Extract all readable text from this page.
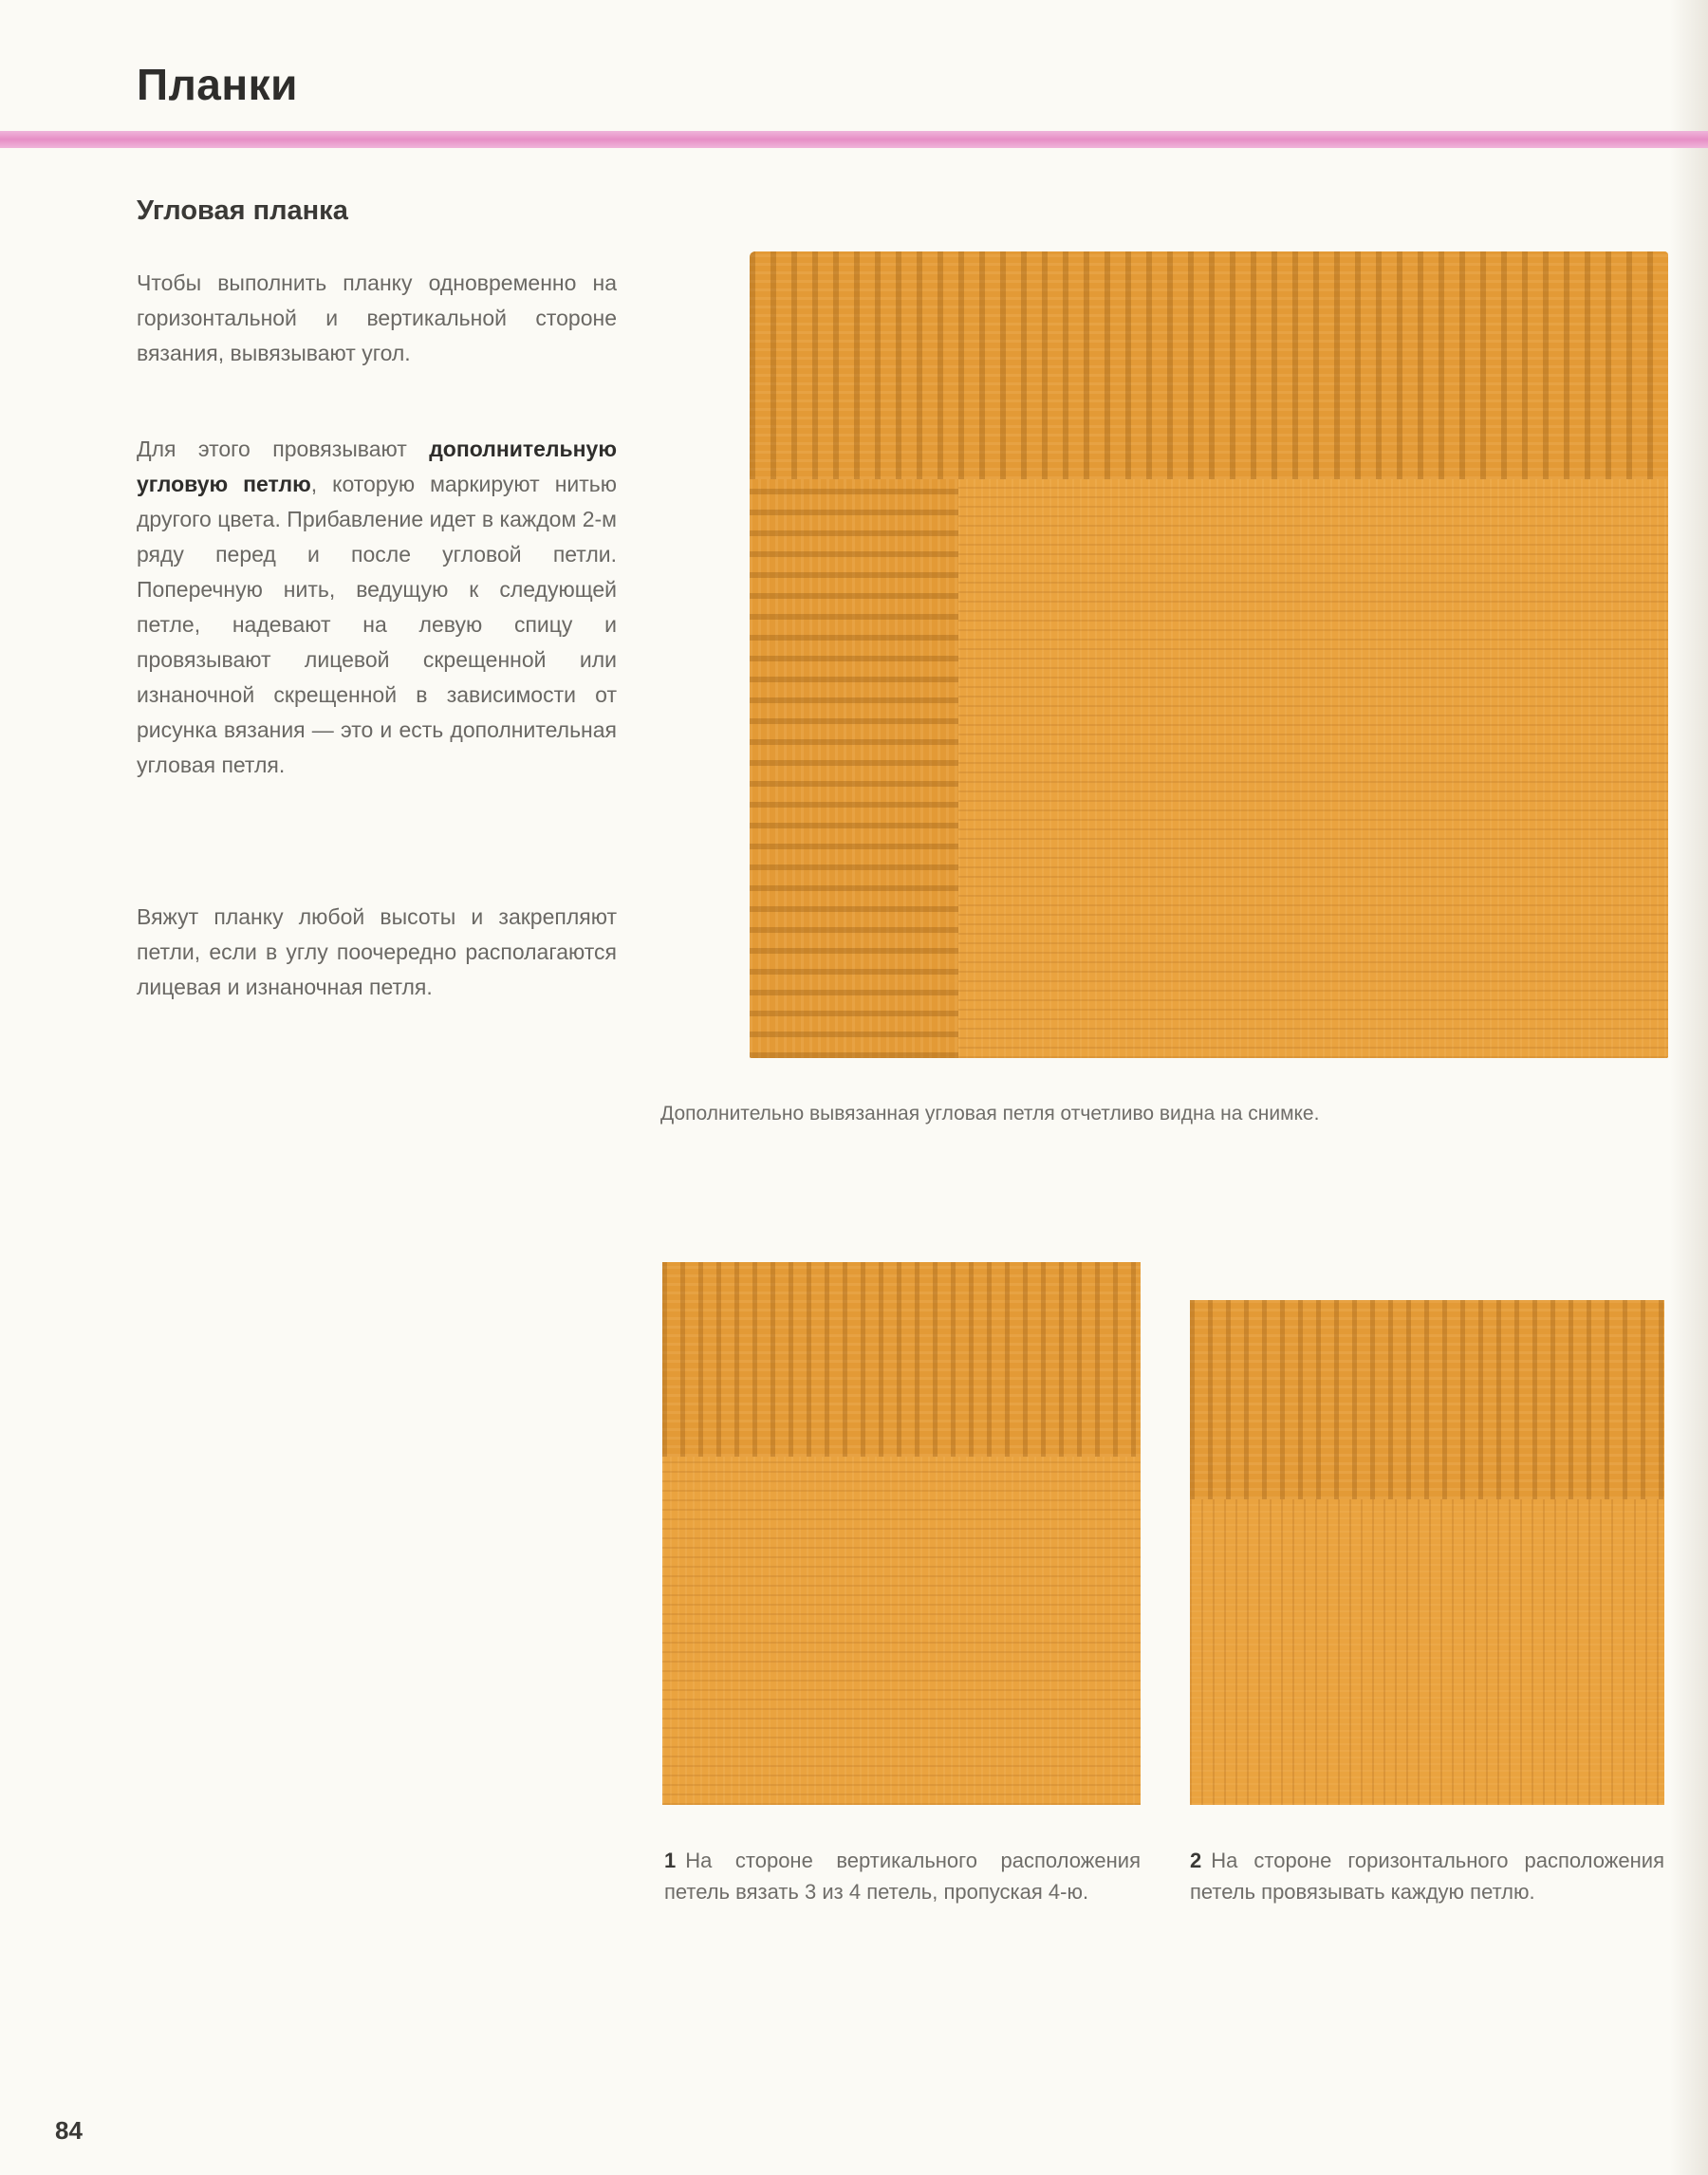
Планки
Угловая планка

Чтобы выполнить планку одновременно на горизонтальной и вертикальной стороне вязания, вывязывают угол.

Для этого провязывают дополнительную угловую петлю, которую маркируют нитью другого цвета. Прибавление идет в каждом 2-м ряду перед и после угловой петли. Поперечную нить, ведущую к следующей петле, надевают на левую спицу и провязывают лицевой скрещенной или изнаночной скрещенной в зависимости от рисунка вязания — это и есть дополнительная угловая петля.

Вяжут планку любой высоты и закрепляют петли, если в углу поочередно располагаются лицевая и изнаночная петля.

Дополнительно вывязанная угловая петля отчетливо видна на снимке.

1 На стороне вертикального расположения петель вязать 3 из 4 петель, пропуская 4-ю.

2 На стороне горизонтального расположения петель провязывать каждую петлю.

84
